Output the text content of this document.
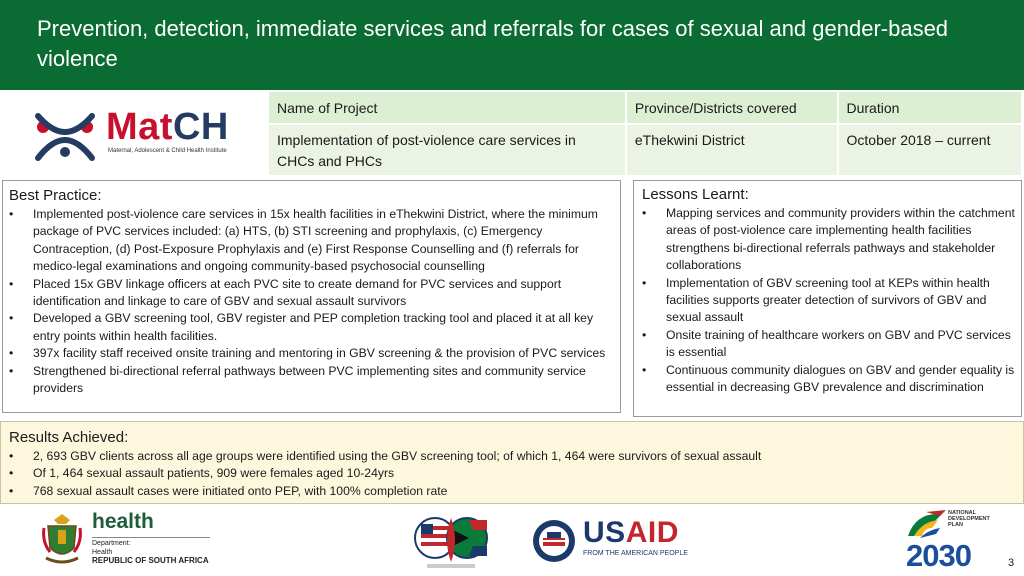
Prevention, detection, immediate services and referrals for cases of sexual and gender-based violence
MatCH
Maternal, Adolescent & Child Health Institute
Name of Project	Province/Districts covered	Duration
Implementation of post-violence care services in CHCs and PHCs	eThekwini District	October 2018 – current
Best Practice:
• Implemented post-violence care services in 15x health facilities in eThekwini District, where the minimum package of PVC services included: (a) HTS, (b) STI screening and prophylaxis, (c) Emergency Contraception, (d) Post-Exposure Prophylaxis and (e) First Response Counselling and (f) referrals for medico-legal examinations and ongoing community-based psychosocial counselling
• Placed 15x GBV linkage officers at each PVC site to create demand for PVC services and support identification and linkage to care of GBV and sexual assault survivors
• Developed a GBV screening tool, GBV register and PEP completion tracking tool and placed it at all key entry points within health facilities.
• 397x facility staff received onsite training and mentoring in GBV screening & the provision of PVC services
• Strengthened bi-directional referral pathways between PVC implementing sites and community service providers
Lessons Learnt:
• Mapping services and community providers within the catchment areas of post-violence care implementing health facilities strengthens bi-directional referrals pathways and stakeholder collaborations
• Implementation of GBV screening tool at KEPs within health facilities supports greater detection of survivors of GBV and sexual assault
• Onsite training of healthcare workers on GBV and PVC services is essential
• Continuous community dialogues on GBV and gender equality is essential in decreasing GBV prevalence and discrimination
Results Achieved:
• 2, 693 GBV clients across all age groups were identified using the GBV screening tool; of which 1, 464 were survivors of sexual assault
• Of 1, 464 sexual assault patients, 909 were females aged 10-24yrs
• 768 sexual assault cases were initiated onto PEP, with 100% completion rate
health
Department:
Health
REPUBLIC OF SOUTH AFRICA
USAID
FROM THE AMERICAN PEOPLE
NATIONAL
DEVELOPMENT
PLAN
2030	3
